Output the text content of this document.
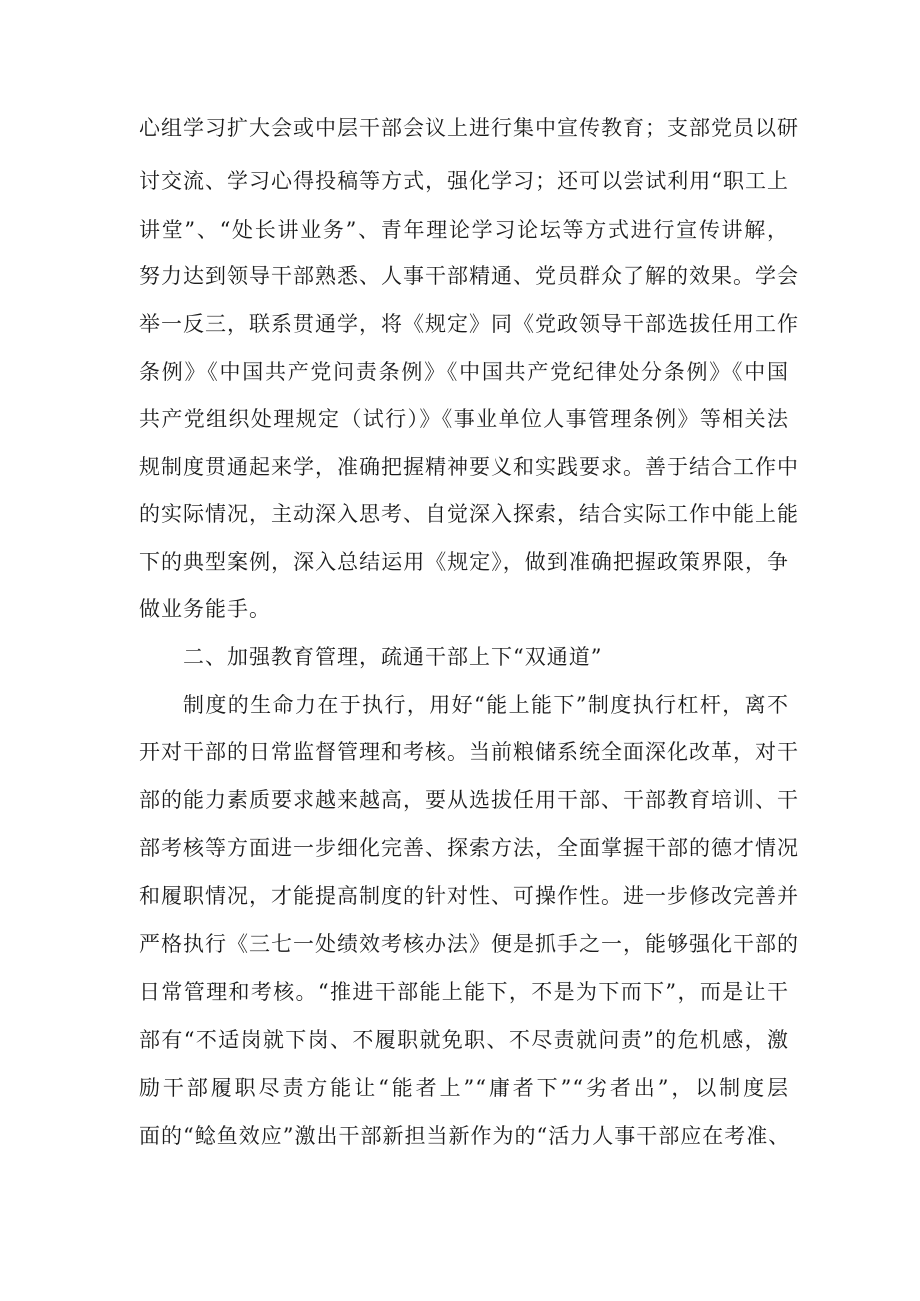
心组学习扩大会或中层干部会议上进行集中宣传教育；支部党员以研
讨交流、学习心得投稿等方式，强化学习；还可以尝试利用“职工上
讲堂”、“处长讲业务”、青年理论学习论坛等方式进行宣传讲解，
努力达到领导干部熟悉、人事干部精通、党员群众了解的效果。学会
举一反三，联系贯通学，将《规定》同《党政领导干部选拔任用工作
条例》《中国共产党问责条例》《中国共产党纪律处分条例》《中国
共产党组织处理规定（试行）》《事业单位人事管理条例》等相关法
规制度贯通起来学，准确把握精神要义和实践要求。善于结合工作中
的实际情况，主动深入思考、自觉深入探索，结合实际工作中能上能
下的典型案例，深入总结运用《规定》，做到准确把握政策界限，争
做业务能手。
二、加强教育管理，疏通干部上下“双通道”
制度的生命力在于执行，用好“能上能下”制度执行杠杆，离不
开对干部的日常监督管理和考核。当前粮储系统全面深化改革，对干
部的能力素质要求越来越高，要从选拔任用干部、干部教育培训、干
部考核等方面进一步细化完善、探索方法，全面掌握干部的德才情况
和履职情况，才能提高制度的针对性、可操作性。进一步修改完善并
严格执行《三七一处绩效考核办法》便是抓手之一，能够强化干部的
日常管理和考核。“推进干部能上能下，不是为下而下”，而是让干
部有“不适岗就下岗、不履职就免职、不尽责就问责”的危机感，激
励干部履职尽责方能让“能者上”“庸者下”“劣者出”，以制度层
面的“鲶鱼效应”激出干部新担当新作为的“活力人事干部应在考准、
